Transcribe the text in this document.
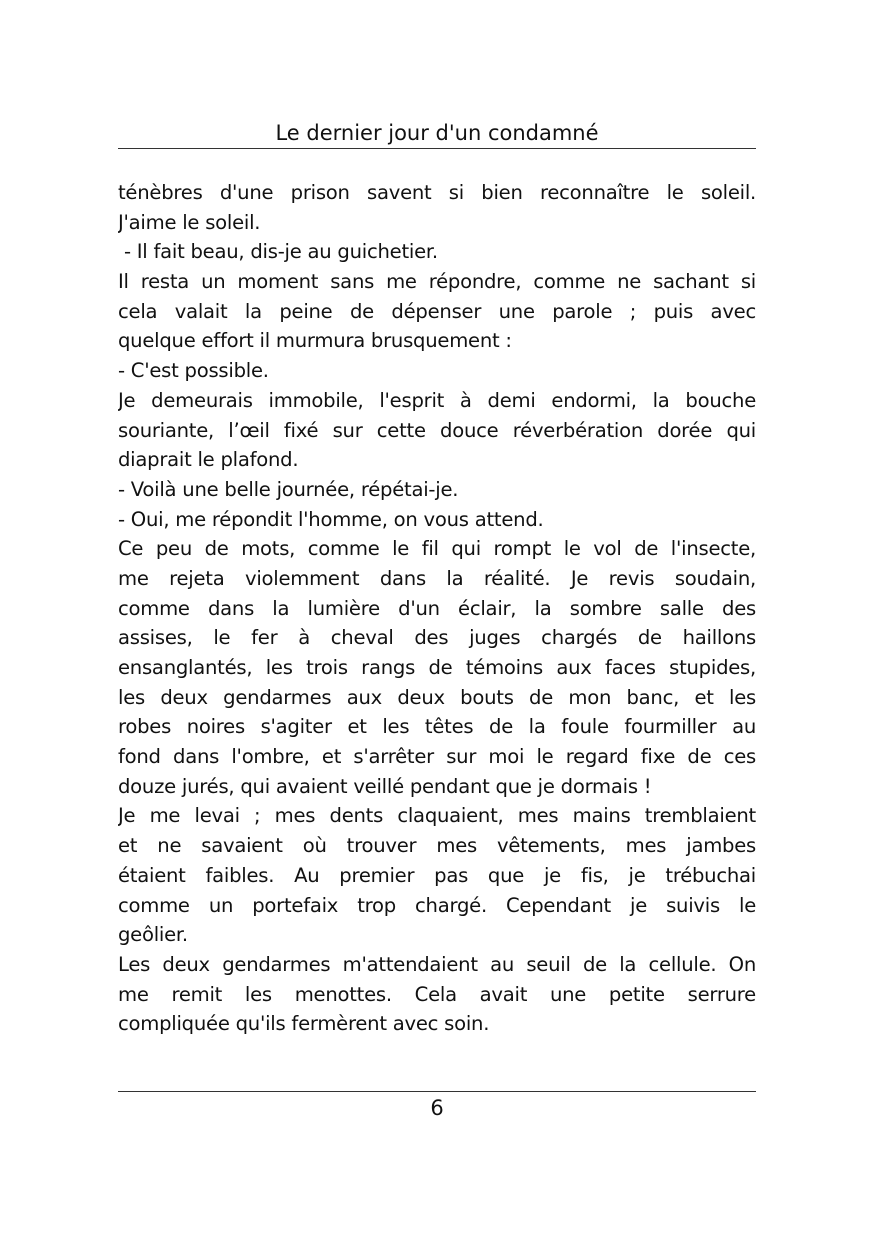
Le dernier jour d'un condamné
ténèbres d'une prison savent si bien reconnaître le soleil.
J'aime le soleil.
- Il fait beau, dis-je au guichetier.
Il resta un moment sans me répondre, comme ne sachant si
cela valait la peine de dépenser une parole ; puis avec
quelque effort il murmura brusquement :
- C'est possible.
Je demeurais immobile, l'esprit à demi endormi, la bouche
souriante, l’œil fixé sur cette douce réverbération dorée qui
diaprait le plafond.
- Voilà une belle journée, répétai-je.
- Oui, me répondit l'homme, on vous attend.
Ce peu de mots, comme le fil qui rompt le vol de l'insecte,
me rejeta violemment dans la réalité. Je revis soudain,
comme dans la lumière d'un éclair, la sombre salle des
assises, le fer à cheval des juges chargés de haillons
ensanglantés, les trois rangs de témoins aux faces stupides,
les deux gendarmes aux deux bouts de mon banc, et les
robes noires s'agiter et les têtes de la foule fourmiller au
fond dans l'ombre, et s'arrêter sur moi le regard fixe de ces
douze jurés, qui avaient veillé pendant que je dormais !
Je me levai ; mes dents claquaient, mes mains tremblaient
et ne savaient où trouver mes vêtements, mes jambes
étaient faibles. Au premier pas que je fis, je trébuchai
comme un portefaix trop chargé. Cependant je suivis le
geôlier.
Les deux gendarmes m'attendaient au seuil de la cellule. On
me remit les menottes. Cela avait une petite serrure
compliquée qu'ils fermèrent avec soin.
6
